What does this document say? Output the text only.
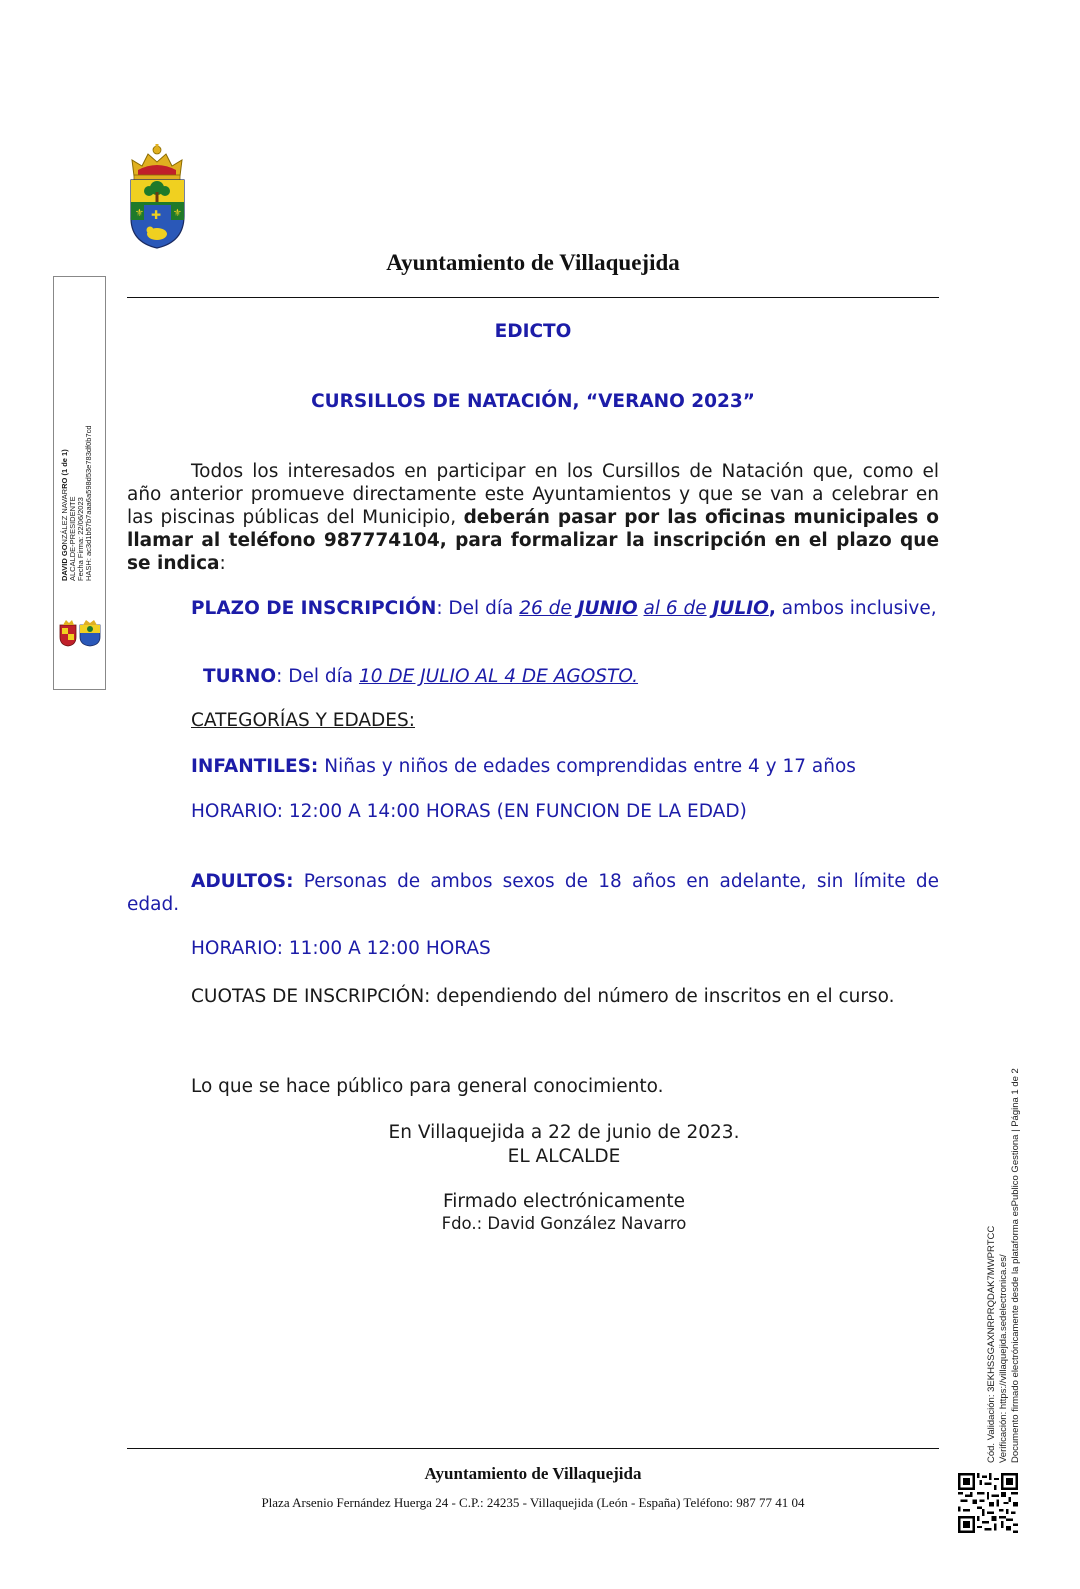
⚜	⚜
✚
Ayuntamiento de Villaquejida
EDICTO
CURSILLOS DE NATACIÓN, “VERANO 2023”
Todos los interesados en participar en los Cursillos de Natación que, como el año anterior promueve directamente este Ayuntamientos y que se van a celebrar en las piscinas públicas del Municipio, deberán pasar por las oficinas municipales o llamar al teléfono 987774104, para formalizar la inscripción en el plazo que se indica:
PLAZO DE INSCRIPCIÓN: Del día 26 de JUNIO al 6 de JULIO, ambos inclusive,
TURNO: Del día 10 DE JULIO AL 4 DE AGOSTO.
CATEGORÍAS Y EDADES:
INFANTILES: Niñas y niños de edades comprendidas entre 4 y 17 años
HORARIO: 12:00 A 14:00 HORAS (EN FUNCION DE LA EDAD)
ADULTOS: Personas de ambos sexos de 18 años en adelante, sin límite de edad.
HORARIO: 11:00 A 12:00 HORAS
CUOTAS DE INSCRIPCIÓN: dependiendo del número de inscritos en el curso.
Lo que se hace público para general conocimiento.
En Villaquejida a 22 de junio de 2023.
EL ALCALDE
Firmado electrónicamente
Fdo.: David González Navarro
Ayuntamiento de Villaquejida
Plaza Arsenio Fernández Huerga 24 - C.P.: 24235 - Villaquejida (León - España) Teléfono: 987 77 41 04
DAVID GONZÁLEZ NAVARRO (1 de 1)
ALCALDE-PRESIDENTE Fecha Firma: 22/06/2023 HASH: ac3d1b57b7aaa6a598d53e783df0b7cd
Cód. Validación: 3EKHSSGAXNRPRQDAK7MWPRTCC Verificación: https://villaquejida.sedelectronica.es/ Documento firmado electrónicamente desde la plataforma esPublico Gestiona | Página 1 de 2
